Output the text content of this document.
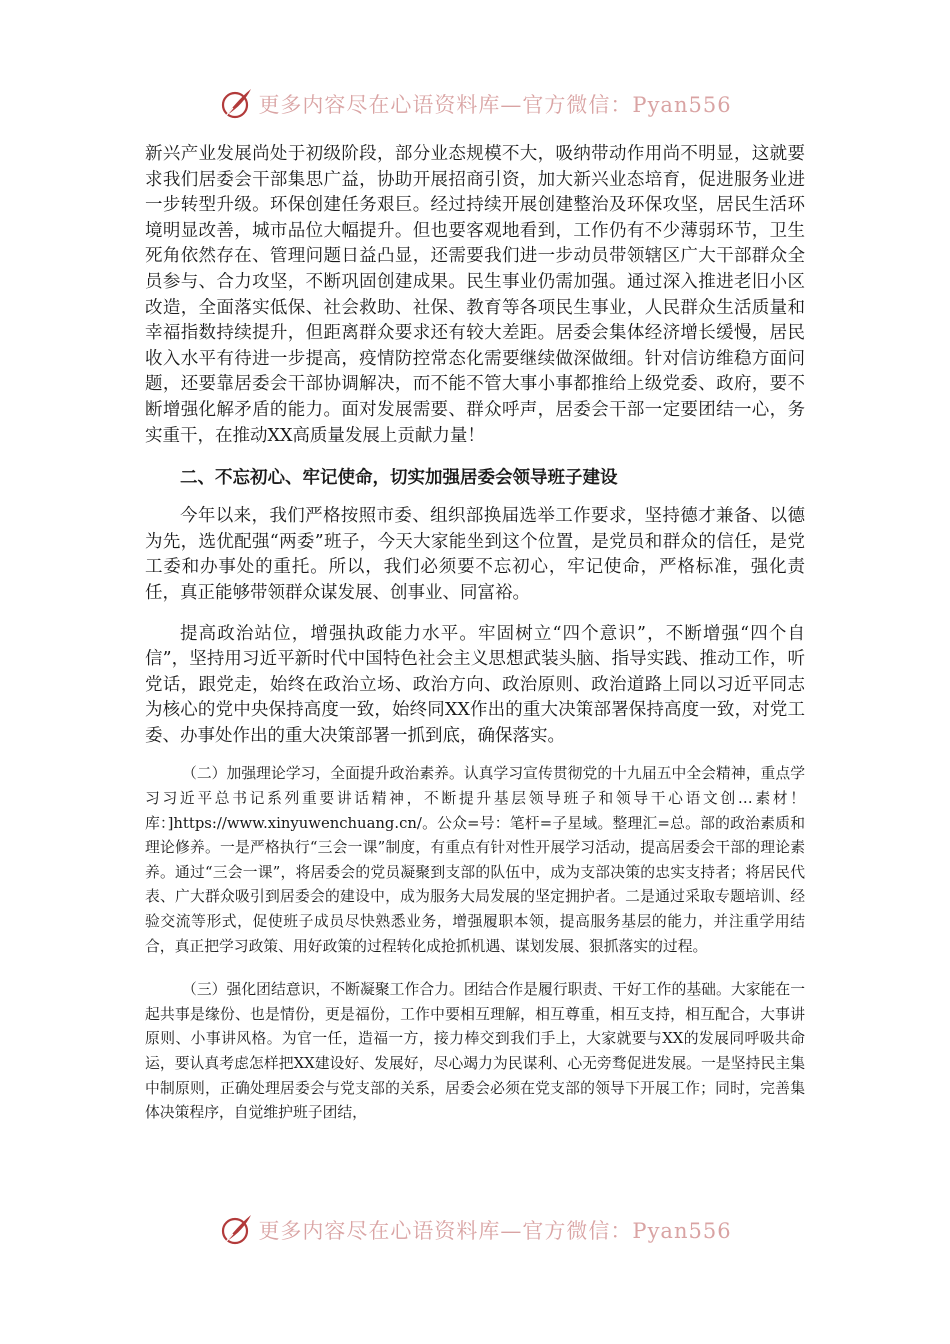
更多内容尽在心语资料库—官方微信：Pyan556

新兴产业发展尚处于初级阶段，部分业态规模不大，吸纳带动作用尚不明显，这就要求我们居委会干部集思广益，协助开展招商引资，加大新兴业态培育，促进服务业进一步转型升级。环保创建任务艰巨。经过持续开展创建整治及环保攻坚，居民生活环境明显改善，城市品位大幅提升。但也要客观地看到，工作仍有不少薄弱环节，卫生死角依然存在、管理问题日益凸显，还需要我们进一步动员带领辖区广大干部群众全员参与、合力攻坚，不断巩固创建成果。民生事业仍需加强。通过深入推进老旧小区改造，全面落实低保、社会救助、社保、教育等各项民生事业，人民群众生活质量和幸福指数持续提升，但距离群众要求还有较大差距。居委会集体经济增长缓慢，居民收入水平有待进一步提高，疫情防控常态化需要继续做深做细。针对信访维稳方面问题，还要靠居委会干部协调解决，而不能不管大事小事都推给上级党委、政府，要不断增强化解矛盾的能力。面对发展需要、群众呼声，居委会干部一定要团结一心，务实重干，在推动XX高质量发展上贡献力量！

二、不忘初心、牢记使命，切实加强居委会领导班子建设

今年以来，我们严格按照市委、组织部换届选举工作要求，坚持德才兼备、以德为先，选优配强“两委”班子，今天大家能坐到这个位置，是党员和群众的信任，是党工委和办事处的重托。所以，我们必须要不忘初心，牢记使命，严格标准，强化责任，真正能够带领群众谋发展、创事业、同富裕。

提高政治站位，增强执政能力水平。牢固树立“四个意识”，不断增强“四个自信”，坚持用习近平新时代中国特色社会主义思想武装头脑、指导实践、推动工作，听党话，跟党走，始终在政治立场、政治方向、政治原则、政治道路上同以习近平同志为核心的党中央保持高度一致，始终同XX作出的重大决策部署保持高度一致，对党工委、办事处作出的重大决策部署一抓到底，确保落实。

（二）加强理论学习，全面提升政治素养。认真学习宣传贯彻党的十九届五中全会精神，重点学习习近平总书记系列重要讲话精神，不断提升基层领导班子和领导干心语文创…素材！库：]https://www.xinyuwenchuang.cn/。公众=号：笔杆=子星域。整理汇=总。部的政治素质和理论修养。一是严格执行“三会一课”制度，有重点有针对性开展学习活动，提高居委会干部的理论素养。通过“三会一课”，将居委会的党员凝聚到支部的队伍中，成为支部决策的忠实支持者；将居民代表、广大群众吸引到居委会的建设中，成为服务大局发展的坚定拥护者。二是通过采取专题培训、经验交流等形式，促使班子成员尽快熟悉业务，增强履职本领，提高服务基层的能力，并注重学用结合，真正把学习政策、用好政策的过程转化成抢抓机遇、谋划发展、狠抓落实的过程。

（三）强化团结意识，不断凝聚工作合力。团结合作是履行职责、干好工作的基础。大家能在一起共事是缘份、也是情份，更是福份，工作中要相互理解，相互尊重，相互支持，相互配合，大事讲原则、小事讲风格。为官一任，造福一方，接力棒交到我们手上，大家就要与XX的发展同呼吸共命运，要认真考虑怎样把XX建设好、发展好，尽心竭力为民谋利、心无旁骛促进发展。一是坚持民主集中制原则，正确处理居委会与党支部的关系，居委会必须在党支部的领导下开展工作；同时，完善集体决策程序，自觉维护班子团结，

更多内容尽在心语资料库—官方微信：Pyan556
